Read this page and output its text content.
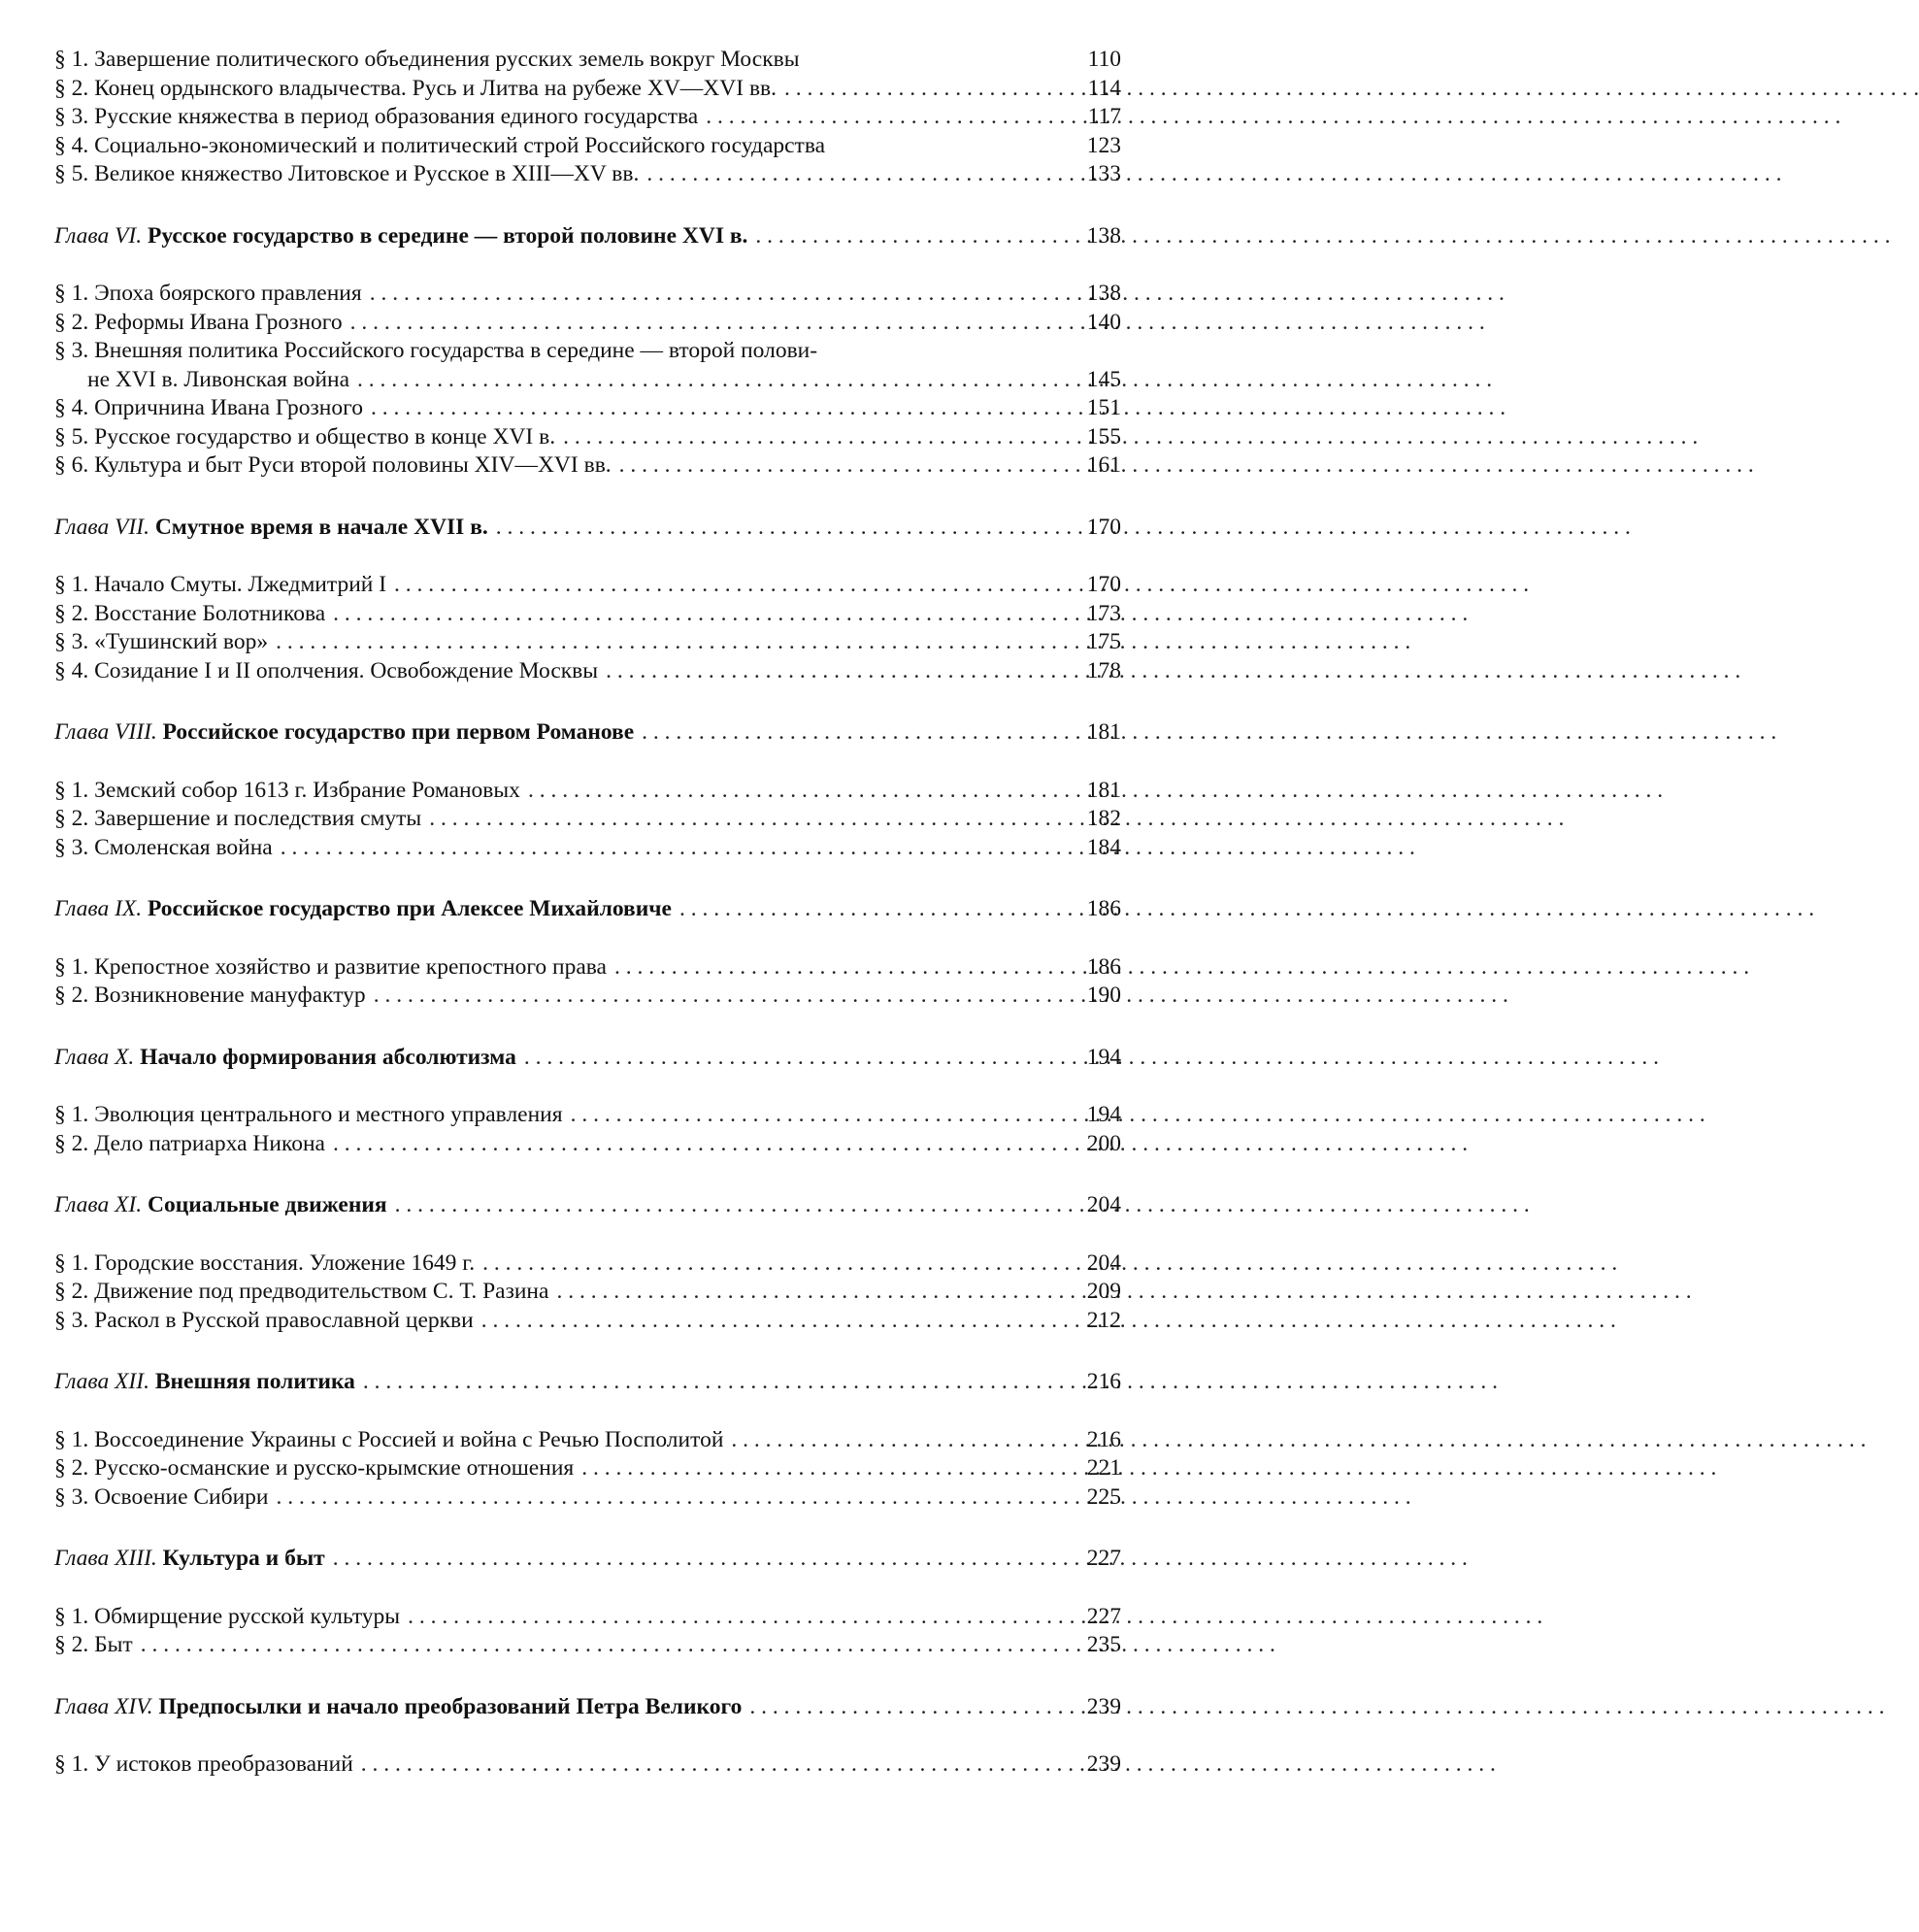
§ 1. Завершение политического объединения русских земель вокруг Москвы	110
§ 2. Конец ордынского владычества. Русь и Литва на рубеже XV—XVI вв. . . .	114
§ 3. Русские княжества в период образования единого государства . . .	117
§ 4. Социально-экономический и политический строй Российского государства	123
§ 5. Великое княжество Литовское и Русское в XIII—XV вв. . . .	133
Глава VI. Русское государство в середине — второй половине XVI в. . . .	138
§ 1. Эпоха боярского правления . . .	138
§ 2. Реформы Ивана Грозного . . .	140
§ 3. Внешняя политика Российского государства в середине — второй полови-
не XVI в. Ливонская война . . .	145
§ 4. Опричнина Ивана Грозного . . .	151
§ 5. Русское государство и общество в конце XVI в. . . .	155
§ 6. Культура и быт Руси второй половины XIV—XVI вв. . . .	161
Глава VII. Смутное время в начале XVII в. . . .	170
§ 1. Начало Смуты. Лжедмитрий I . . .	170
§ 2. Восстание Болотникова . . .	173
§ 3. «Тушинский вор» . . .	175
§ 4. Созидание I и II ополчения. Освобождение Москвы . . .	178
Глава VIII. Российское государство при первом Романове . . .	181
§ 1. Земский собор 1613 г. Избрание Романовых . . .	181
§ 2. Завершение и последствия смуты . . .	182
§ 3. Смоленская война . . .	184
Глава IX. Российское государство при Алексее Михайловиче . . .	186
§ 1. Крепостное хозяйство и развитие крепостного права . . .	186
§ 2. Возникновение мануфактур . . .	190
Глава X. Начало формирования абсолютизма . . .	194
§ 1. Эволюция центрального и местного управления . . .	194
§ 2. Дело патриарха Никона . . .	200
Глава XI. Социальные движения . . .	204
§ 1. Городские восстания. Уложение 1649 г. . . .	204
§ 2. Движение под предводительством С. Т. Разина . . .	209
§ 3. Раскол в Русской православной церкви . . .	212
Глава XII. Внешняя политика . . .	216
§ 1. Воссоединение Украины с Россией и война с Речью Посполитой . . .	216
§ 2. Русско-османские и русско-крымские отношения . . .	221
§ 3. Освоение Сибири . . .	225
Глава XIII. Культура и быт . . .	227
§ 1. Обмирщение русской культуры . . .	227
§ 2. Быт . . .	235
Глава XIV. Предпосылки и начало преобразований Петра Великого . . .	239
§ 1. У истоков преобразований . . .	239
